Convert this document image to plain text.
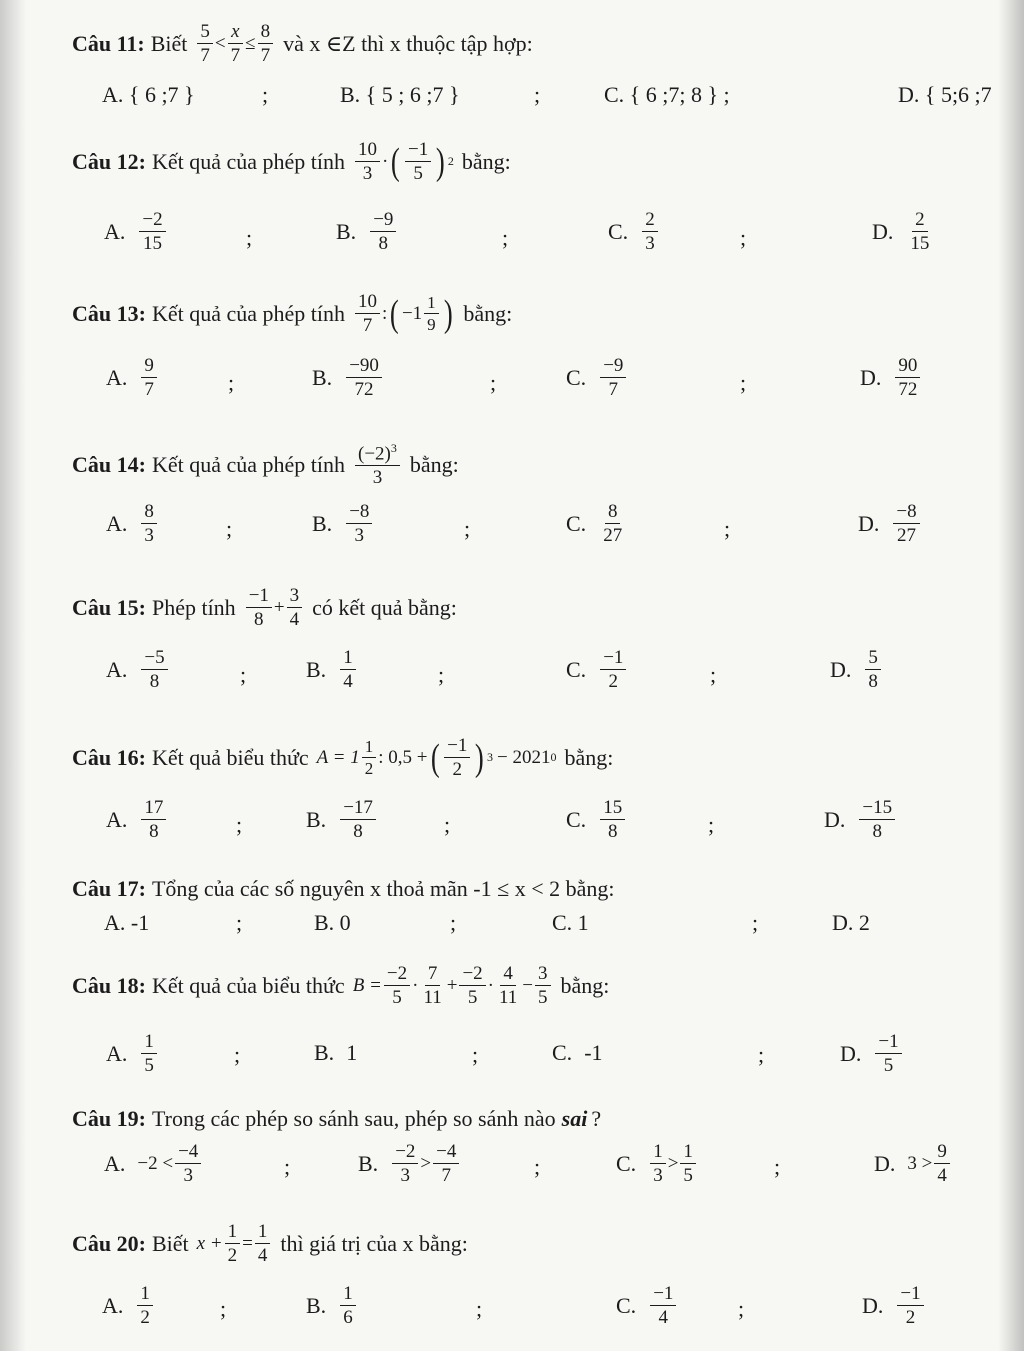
Câu 11: Biết $\frac{5}{7} < \frac{x}{7} \le \frac{8}{7}$ và x ∈Z thì x thuộc tập hợp:
A. { 6 ;7 }	;	B. { 5 ; 6 ;7 }	;	C. { 6 ;7; 8 } ;	D. { 5;6 ;7
Câu 12: Kết quả của phép tính $\frac{10}{3}$ · ( $\frac{-1}{5}$ ) 2 bằng:
A. $\frac{-2}{15}$	;	B. $\frac{-9}{8}$	;	C. $\frac{2}{3}$	;	D. $\frac{2}{15}$
Câu 13: Kết quả của phép tính $\frac{10}{7}$ : ( $-1 \frac{1}{9}$ ) bằng:
A. $\frac{9}{7}$	;	B. $\frac{-90}{72}$	;	C. $\frac{-9}{7}$	;	D. $\frac{90}{72}$
Câu 14: Kết quả của phép tính $\frac{(-2)^3}{3}$ bằng:
A. $\frac{8}{3}$	;	B. $\frac{-8}{3}$	;	C. $\frac{8}{27}$	;	D. $\frac{-8}{27}$
Câu 15: Phép tính $\frac{-1}{8} + \frac{3}{4}$ có kết quả bằng:
A. $\frac{-5}{8}$	;	B. $\frac{1}{4}$	;	C. $\frac{-1}{2}$	;	D. $\frac{5}{8}$
Câu 16: Kết quả biểu thức $A = 1 \frac{1}{2}$ : 0,5 + ( $\frac{-1}{2}$ ) 3 − 2021 0 bằng:
A. $\frac{17}{8}$	;	B. $\frac{-17}{8}$	;	C. $\frac{15}{8}$	;	D. $\frac{-15}{8}$
Câu 17: Tổng của các số nguyên x thoả mãn -1 ≤ x < 2 bằng:
A. -1	;	B. 0	;	C. 1	;	D. 2
Câu 18: Kết quả của biểu thức $B = \frac{-2}{5} \cdot \frac{7}{11} + \frac{-2}{5} \cdot \frac{4}{11} - \frac{3}{5}$ bằng:
A. $\frac{1}{5}$	;	B. 1	;	C. -1	;	D. $\frac{-1}{5}$
Câu 19: Trong các phép so sánh sau, phép so sánh nào sai ?
A. $-2 < \frac{-4}{3}$	;	B. $\frac{-2}{3} > \frac{-4}{7}$	;	C. $\frac{1}{3} > \frac{1}{5}$	;	D. $3 > \frac{9}{4}$
Câu 20: Biết $x + \frac{1}{2} = \frac{1}{4}$ thì giá trị của x bằng:
A. $\frac{1}{2}$	;	B. $\frac{1}{6}$	;	C. $\frac{-1}{4}$	;	D. $\frac{-1}{2}$
